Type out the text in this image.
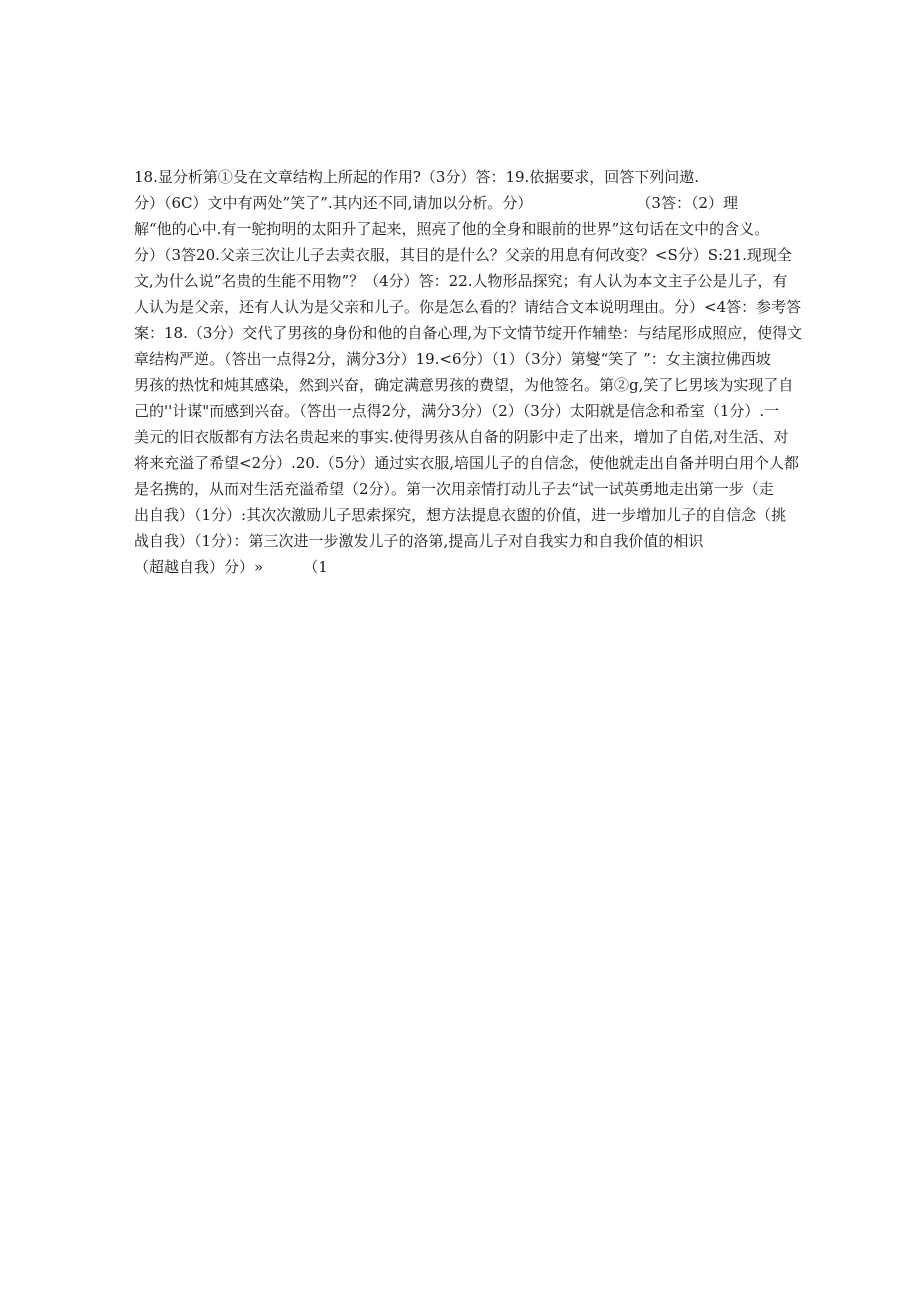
18.显分析第①殳在文章结构上所起的作用?（3分）答：19.依据要求，回答下列问遨.
分）（6C）文中有两处”笑了”.其内还不同,请加以分析。分）	（3答：（2）理
解“他的心中.有一鸵拘明的太阳升了起来，照亮了他的全身和眼前的世界”这句话在文中的含义。
分）（3答20.父亲三次让儿子去卖衣服，其目的是什么？父亲的用息有何改变？<S分）S:21.现现全
文,为什么说”名贵的生能不用物”？（4分）答：22.人物形品探究；有人认为本文主子公是儿子，有
人认为是父亲，还有人认为是父亲和儿子。你是怎么看的？请结合文本说明理由。分）<4答：参考答
案：18.（3分）交代了男孩的身份和他的自备心理,为下文情节绽开作辅垫：与结尾形成照应，使得文
章结构严逆。（答出一点得2分，满分3分）19.<6分）（1）（3分）第燮“笑了 ”：女主演拉佛西坡
男孩的热忱和炖其感染，然到兴奋，确定满意男孩的费望，为他签名。第②g,笑了匕男垓为实现了自
己的''计谋"而感到兴奋。（答出一点得2分，满分3分）（2）（3分）太阳就是信念和希室（1分）.一
美元的旧衣版都有方法名贵起来的事实.使得男孩从自备的阴影中走了出来，增加了自偌,对生活、对
将来充溢了希望<2分）.20.（5分）通过实衣服,培国儿子的自信念，使他就走出自备并明白用个人都
是名携的，从而对生活充溢希望（2分）。第一次用亲情打动儿子去“试一试英勇地走出第一步（走
出自我）（1分）:其次次激励儿子思索探究，想方法提息衣盥的价值，进一步增加儿子的自信念（挑
战自我）（1分）：第三次进一步激发儿子的洛第,提高儿子对自我实力和自我价值的相识
（超越自我）分）»	（1
